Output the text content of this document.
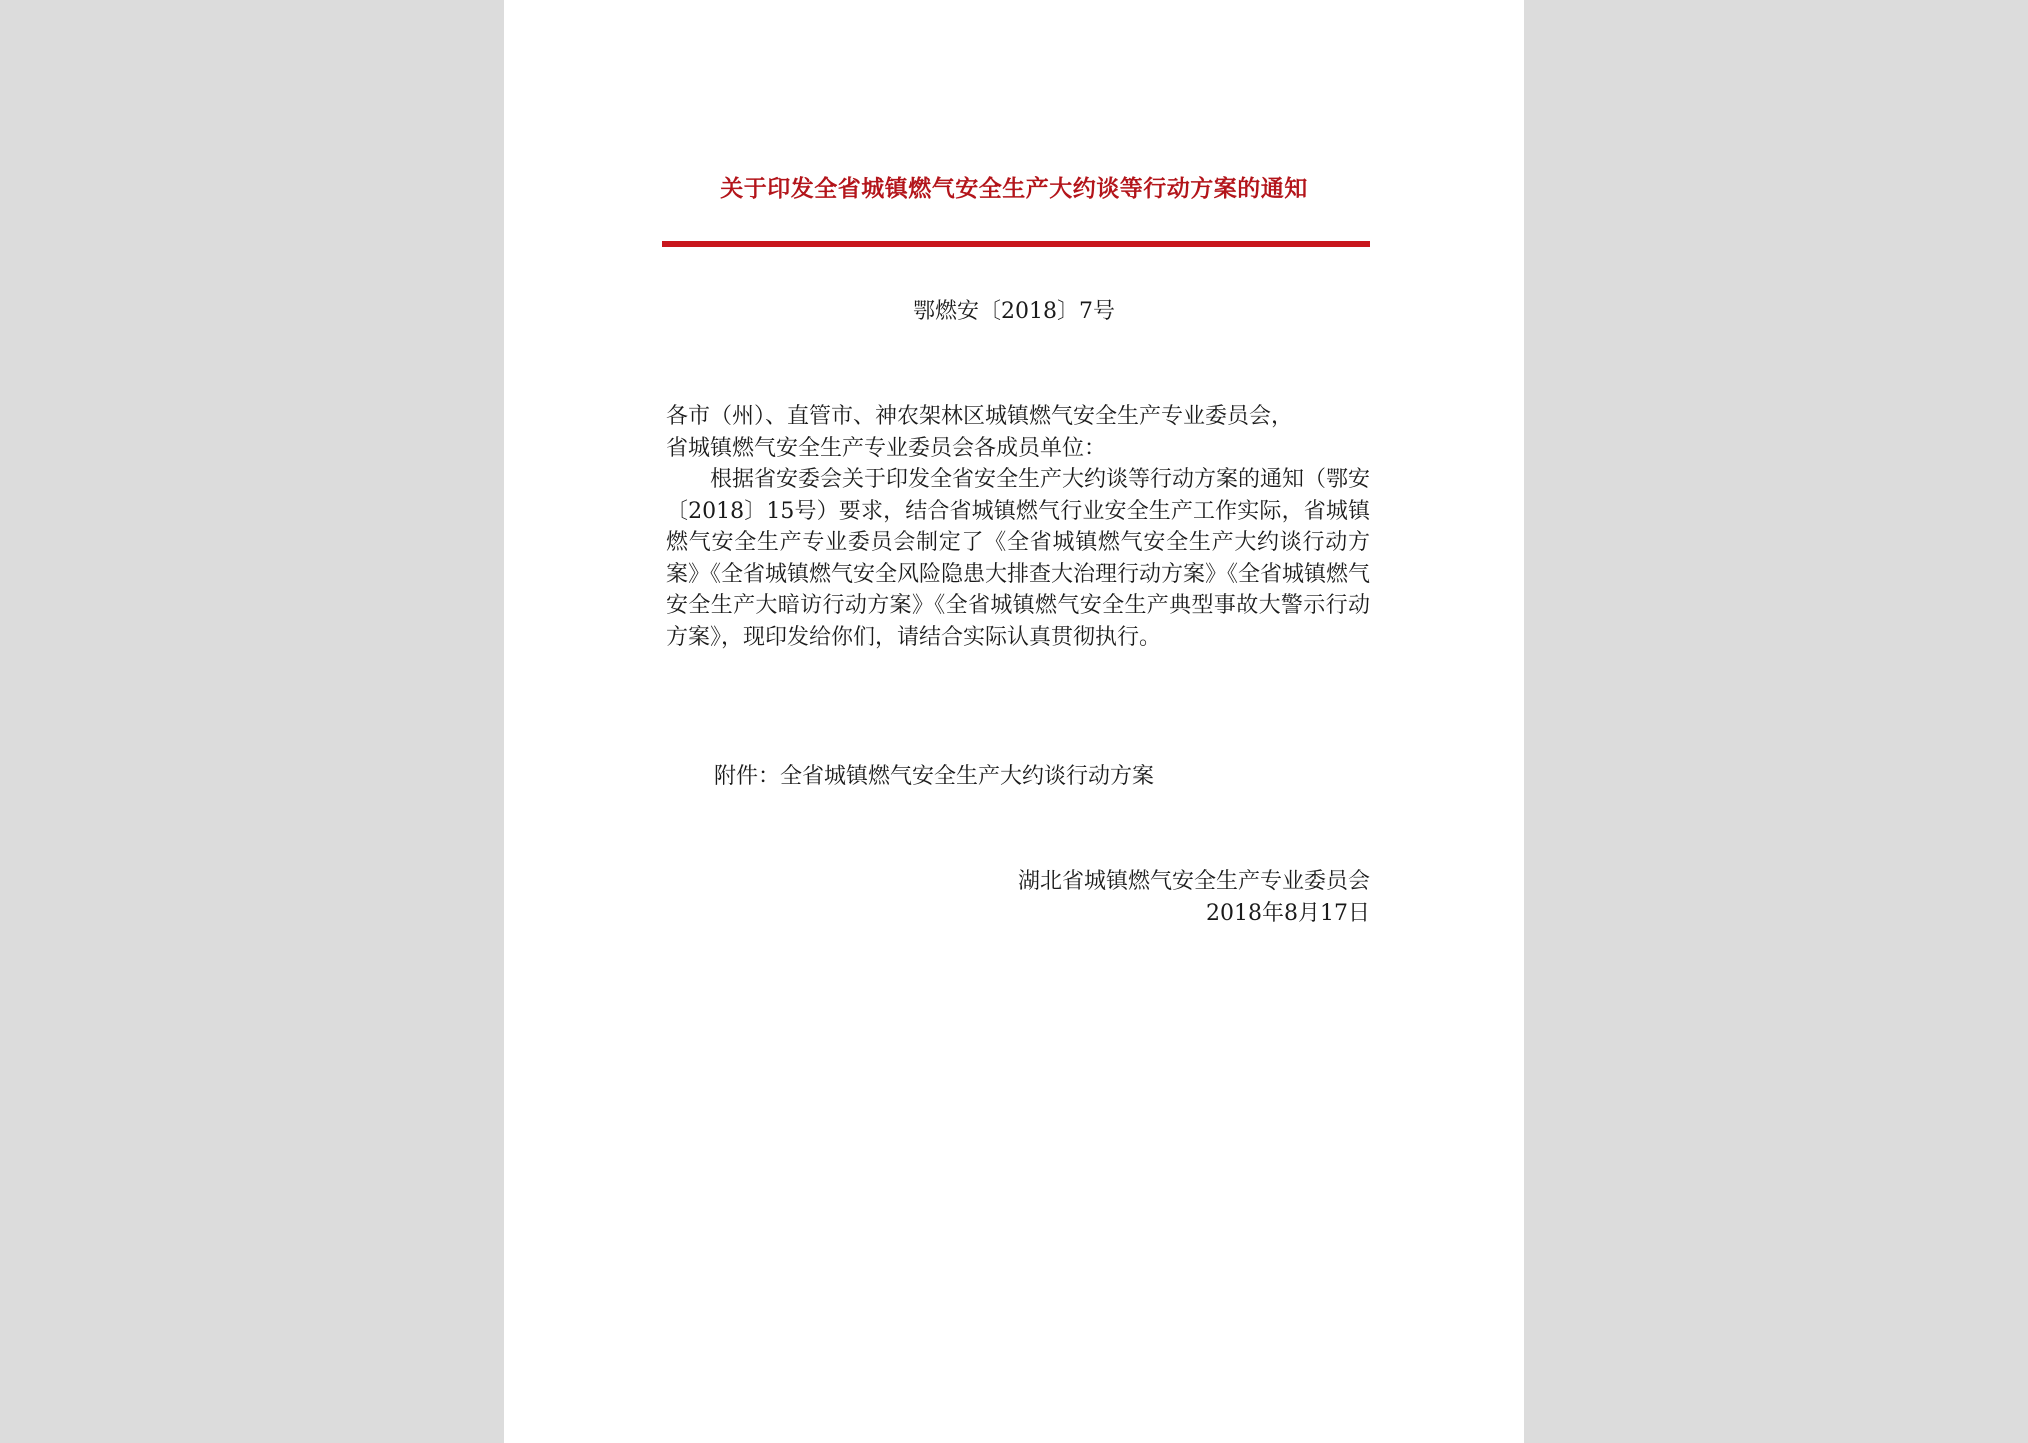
关于印发全省城镇燃气安全生产大约谈等行动方案的通知
鄂燃安〔2018〕7号

各市（州）、直管市、神农架林区城镇燃气安全生产专业委员会，

省城镇燃气安全生产专业委员会各成员单位：

根据省安委会关于印发全省安全生产大约谈等行动方案的通知（鄂安〔2018〕15号）要求，结合省城镇燃气行业安全生产工作实际，省城镇燃气安全生产专业委员会制定了《全省城镇燃气安全生产大约谈行动方案》《全省城镇燃气安全风险隐患大排查大治理行动方案》《全省城镇燃气安全生产大暗访行动方案》《全省城镇燃气安全生产典型事故大警示行动方案》，现印发给你们，请结合实际认真贯彻执行。

附件：全省城镇燃气安全生产大约谈行动方案
湖北省城镇燃气安全生产专业委员会
2018年8月17日
